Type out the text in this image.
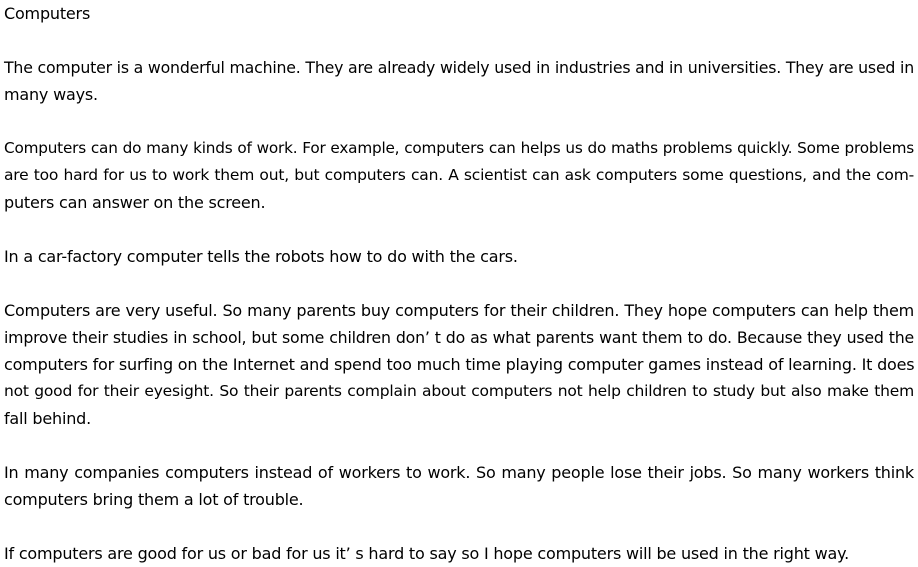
Computers
The computer is a wonderful machine. They are already widely used in industries and in universities. They are used in
many ways.
Computers can do many kinds of work. For example, computers can helps us do maths problems quickly. Some problems
are too hard for us to work them out, but computers can. A scientist can ask computers some questions, and the com-
puters can answer on the screen.
In a car-factory computer tells the robots how to do with the cars.
Computers are very useful. So many parents buy computers for their children. They hope computers can help them
improve their studies in school, but some children don’ t do as what parents want them to do. Because they used the
computers for surfing on the Internet and spend too much time playing computer games instead of learning. It does
not good for their eyesight. So their parents complain about computers not help children to study but also make them
fall behind.
In many companies computers instead of workers to work. So many people lose their jobs. So many workers think
computers bring them a lot of trouble.
If computers are good for us or bad for us it’ s hard to say so I hope computers will be used in the right way.
